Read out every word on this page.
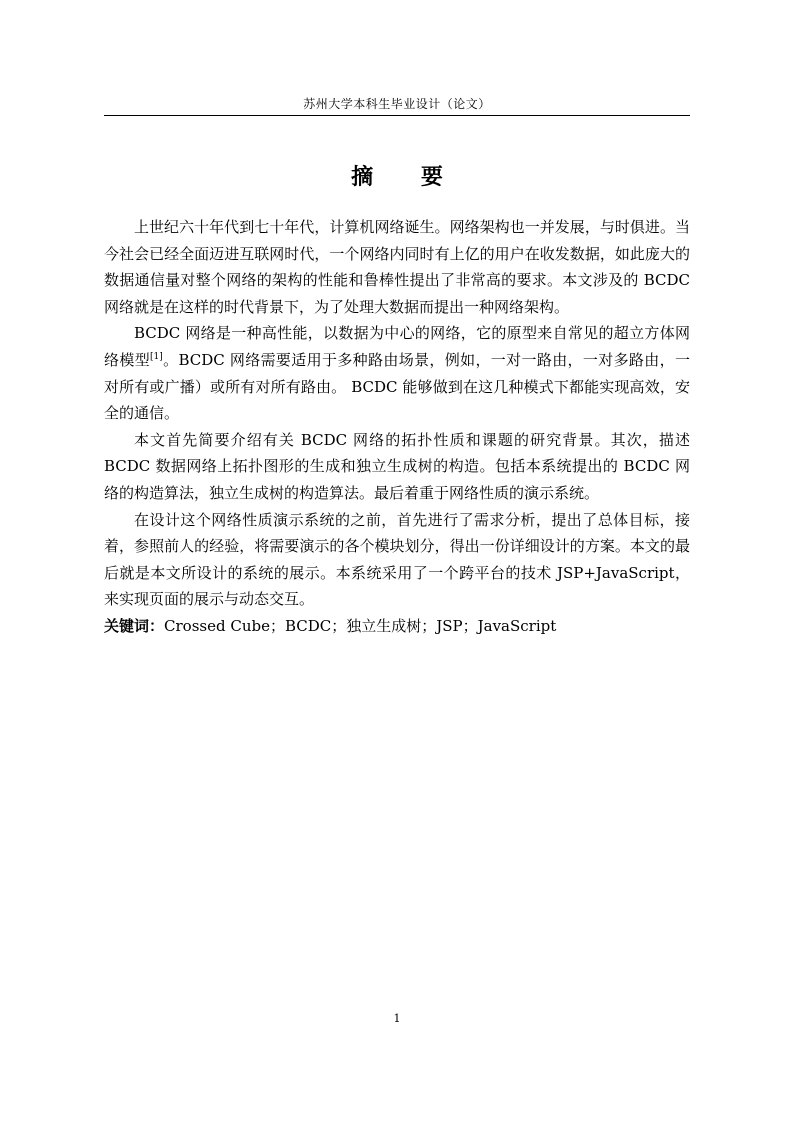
苏州大学本科生毕业设计（论文）
摘 要

上世纪六十年代到七十年代，计算机网络诞生。网络架构也一并发展，与时俱进。当今社会已经全面迈进互联网时代，一个网络内同时有上亿的用户在收发数据，如此庞大的数据通信量对整个网络的架构的性能和鲁棒性提出了非常高的要求。本文涉及的 BCDC 网络就是在这样的时代背景下，为了处理大数据而提出一种网络架构。

BCDC 网络是一种高性能，以数据为中心的网络，它的原型来自常见的超立方体网络模型[1]。BCDC 网络需要适用于多种路由场景，例如，一对一路由，一对多路由，一对所有或广播）或所有对所有路由。 BCDC 能够做到在这几种模式下都能实现高效，安全的通信。

本文首先简要介绍有关 BCDC 网络的拓扑性质和课题的研究背景。其次，描述 BCDC 数据网络上拓扑图形的生成和独立生成树的构造。包括本系统提出的 BCDC 网络的构造算法，独立生成树的构造算法。最后着重于网络性质的演示系统。

在设计这个网络性质演示系统的之前，首先进行了需求分析，提出了总体目标，接着，参照前人的经验，将需要演示的各个模块划分，得出一份详细设计的方案。本文的最后就是本文所设计的系统的展示。本系统采用了一个跨平台的技术 JSP+JavaScript，来实现页面的展示与动态交互。

关键词：Crossed Cube；BCDC；独立生成树；JSP；JavaScript

1
